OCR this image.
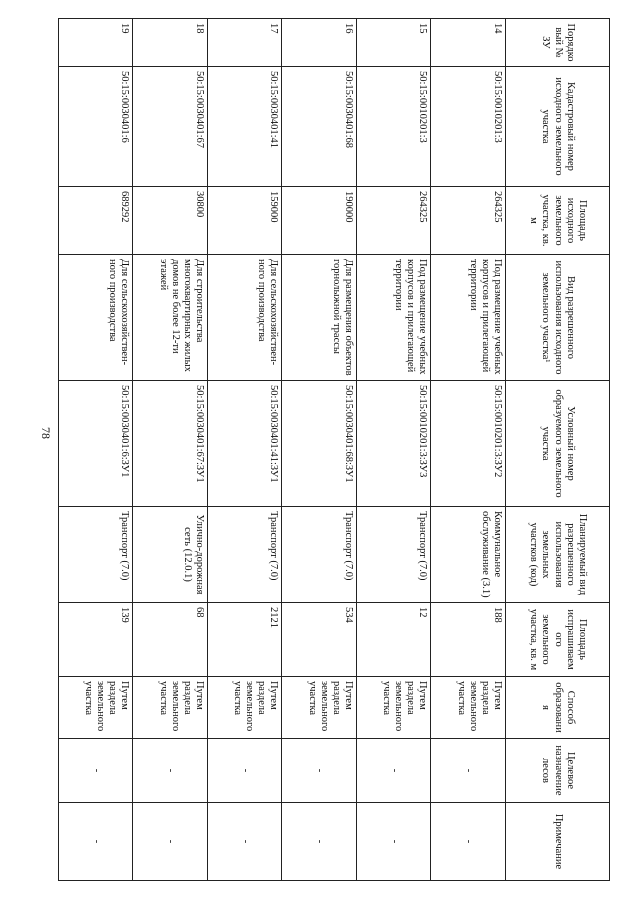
78
Порядковый № ЗУ	Кадастровый номер исходного земельного участка	Площадь исходного земельного участка, кв. м	Вид разрешенного использования исходного земельного участка¹	Условный номер образуемого земельного участка	Планируемый вид разрешенного использования земельных участков (код)	Площадь испрашиваемого земельного участка, кв. м	Способ образования	Целевое назначение лесов	Примечание
14	50:15:0010201:3	264325	Под размещение учебных корпусов и прилегающей территории	50:15:0010201:3:ЗУ2	Коммунальное обслуживание (3.1)	188	Путем раздела земельного участка	-	-
15	50:15:0010201:3	264325	Под размещение учебных корпусов и прилегающей территории	50:15:0010201:3:ЗУ3	Транспорт (7.0)	12	Путем раздела земельного участка	-	-
16	50:15:0030401:68	190000	Для размещения объектов горнолыжной трассы	50:15:0030401:68:ЗУ1	Транспорт (7.0)	534	Путем раздела земельного участка	-	-
17	50:15:0030401:41	159000	Для сельскохозяйствен-ного производства	50:15:0030401:41:ЗУ1	Транспорт (7.0)	2121	Путем раздела земельного участка	-	-
18	50:15:0030401:67	30800	Для строительства многоквартирных жилых домов не более 12-ти этажей	50:15:0030401:67:ЗУ1	Улично-дорожная сеть (12.0.1)	68	Путем раздела земельного участка	-	-
19	50:15:0030401:6	689292	Для сельскохозяйствен-ного производства	50:15:0030401:6:ЗУ1	Транспорт (7.0)	139	Путем раздела земельного участка	-	-
